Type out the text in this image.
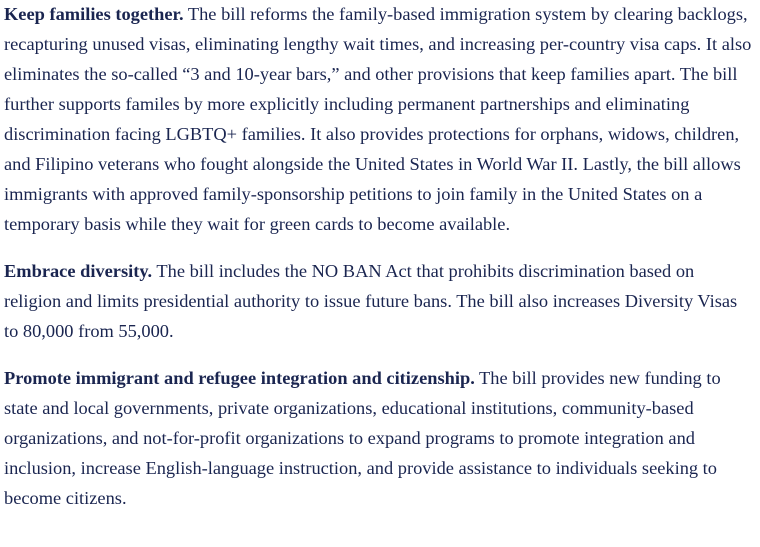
Keep families together. The bill reforms the family-based immigration system by clearing backlogs, recapturing unused visas, eliminating lengthy wait times, and increasing per-country visa caps. It also eliminates the so-called “3 and 10-year bars,” and other provisions that keep families apart. The bill further supports familes by more explicitly including permanent partnerships and eliminating discrimination facing LGBTQ+ families. It also provides protections for orphans, widows, children, and Filipino veterans who fought alongside the United States in World War II. Lastly, the bill allows immigrants with approved family-sponsorship petitions to join family in the United States on a temporary basis while they wait for green cards to become available.

Embrace diversity. The bill includes the NO BAN Act that prohibits discrimination based on religion and limits presidential authority to issue future bans. The bill also increases Diversity Visas to 80,000 from 55,000.

Promote immigrant and refugee integration and citizenship. The bill provides new funding to state and local governments, private organizations, educational institutions, community-based organizations, and not-for-profit organizations to expand programs to promote integration and inclusion, increase English-language instruction, and provide assistance to individuals seeking to become citizens.
